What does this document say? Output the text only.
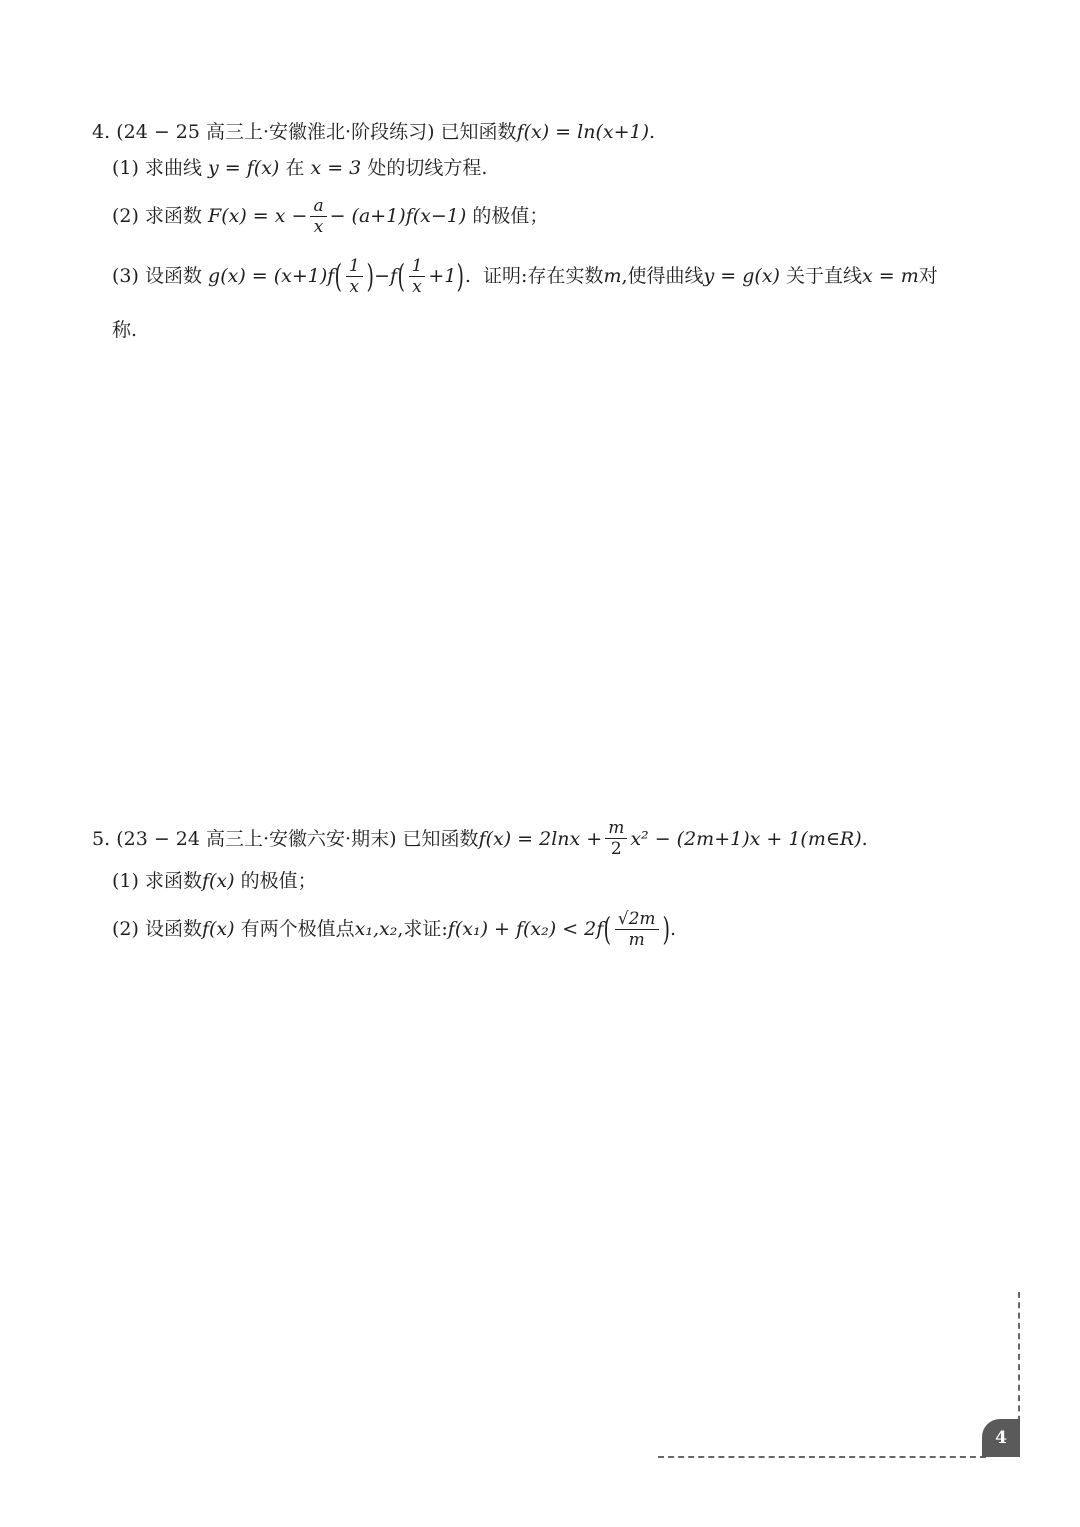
4.
(24 − 25 高三上·安徽淮北·阶段练习)
已知函数 f(x) = ln(x+1).
(1)
求曲线
y = f(x)
在
x = 3
处的切线方程.
(2)
求函数
$F(x) = x - \frac{a}{x} - (a+1)f(x-1)$
的极值；
(3)
设函数
g(x) = (x+1)f ( $\frac{1}{x}$ ) −f ( $\frac{1}{x} +1$ ) .
证明:存在实数 m ,使得曲线 y = g(x)
关于直线 x = m 对
称.
5.
(23 − 24 高三上·安徽六安·期末)
已知函数 $f(x) = 2\ln x + \frac{m}{2} x^2 - (2m+1)x$ + 1(m∈R).
(1)
求函数 f(x)
的极值；
(2)
设函数 f(x)
有两个极值点 x₁,x₂ ,求证: f(x₁) + f(x₂) < 2f ( $\frac{√2m}{m}$ ) .
4
